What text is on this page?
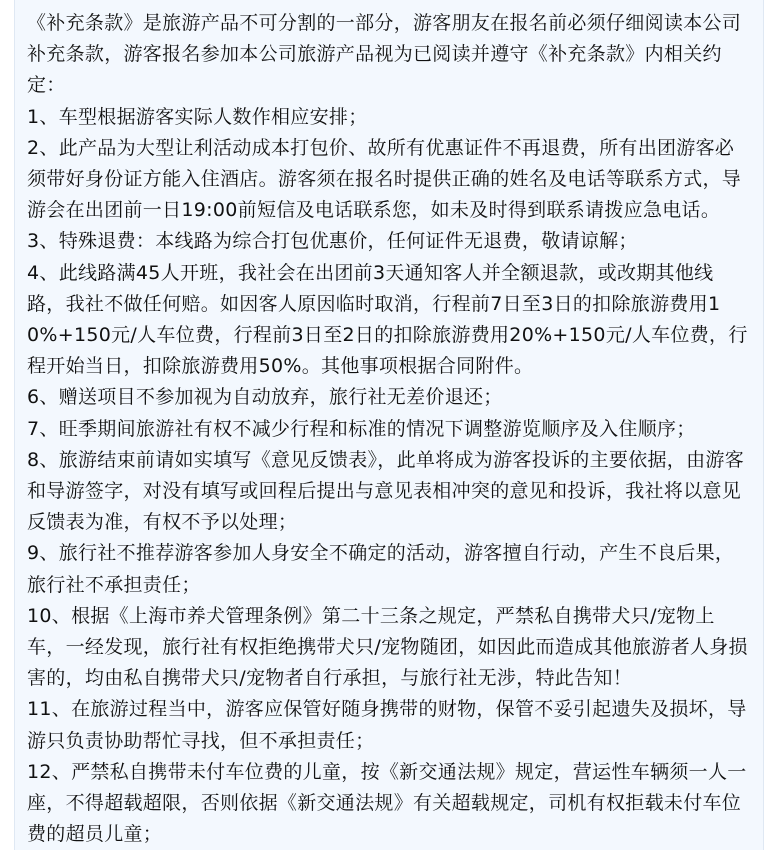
《补充条款》是旅游产品不可分割的一部分，游客朋友在报名前必须仔细阅读本公司补充条款，游客报名参加本公司旅游产品视为已阅读并遵守《补充条款》内相关约定：

1、车型根据游客实际人数作相应安排；

2、此产品为大型让利活动成本打包价、故所有优惠证件不再退费，所有出团游客必须带好身份证方能入住酒店。游客须在报名时提供正确的姓名及电话等联系方式，导游会在出团前一日19:00前短信及电话联系您，如未及时得到联系请拨应急电话。

3、特殊退费：本线路为综合打包优惠价，任何证件无退费，敬请谅解；

4、此线路满45人开班，我社会在出团前3天通知客人并全额退款，或改期其他线路，我社不做任何赔。如因客人原因临时取消，行程前7日至3日的扣除旅游费用10%+150元/人车位费，行程前3日至2日的扣除旅游费用20%+150元/人车位费，行程开始当日，扣除旅游费用50%。其他事项根据合同附件。

6、赠送项目不参加视为自动放弃，旅行社无差价退还；

7、旺季期间旅游社有权不减少行程和标准的情况下调整游览顺序及入住顺序；

8、旅游结束前请如实填写《意见反馈表》，此单将成为游客投诉的主要依据，由游客和导游签字，对没有填写或回程后提出与意见表相冲突的意见和投诉，我社将以意见反馈表为准，有权不予以处理；

9、旅行社不推荐游客参加人身安全不确定的活动，游客擅自行动，产生不良后果，旅行社不承担责任；

10、根据《上海市养犬管理条例》第二十三条之规定，严禁私自携带犬只/宠物上车，一经发现，旅行社有权拒绝携带犬只/宠物随团，如因此而造成其他旅游者人身损害的，均由私自携带犬只/宠物者自行承担，与旅行社无涉，特此告知！

11、在旅游过程当中，游客应保管好随身携带的财物，保管不妥引起遗失及损坏，导游只负责协助帮忙寻找，但不承担责任；

12、严禁私自携带未付车位费的儿童，按《新交通法规》规定，营运性车辆须一人一座，不得超载超限，否则依据《新交通法规》有关超载规定，司机有权拒载未付车位费的超员儿童；
